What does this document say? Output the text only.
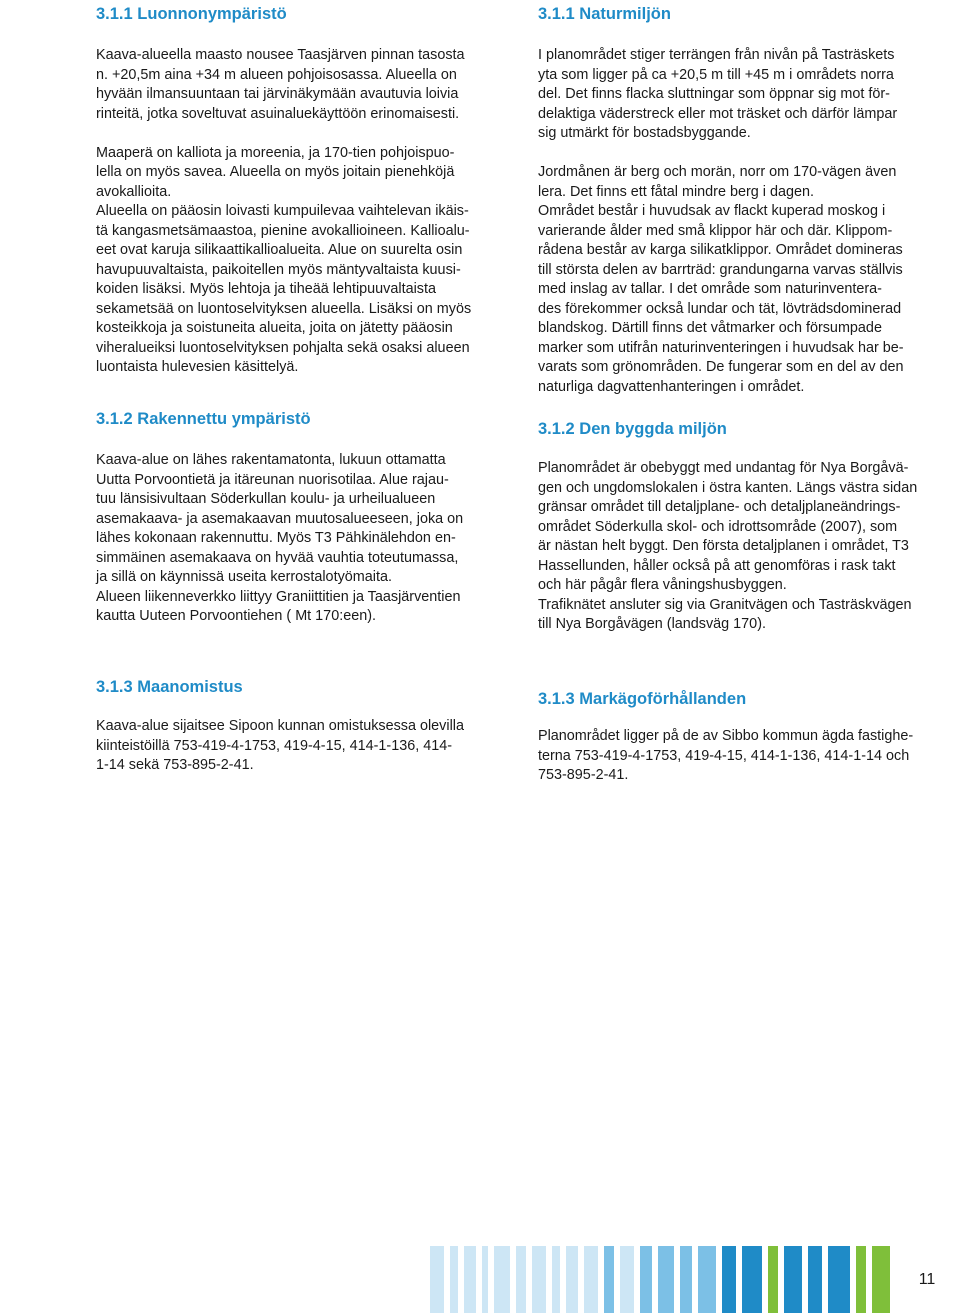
3.1.1 Luonnonympäristö

Kaava-alueella maasto nousee Taasjärven pinnan tasosta
n. +20,5m aina +34 m alueen pohjoisosassa. Alueella on
hyvään ilmansuuntaan tai järvinäkymään avautuvia loivia
rinteitä, jotka soveltuvat asuinaluekäyttöön erinomaisesti.

Maaperä on kalliota ja moreenia, ja 170-tien pohjoispuo-
lella on myös savea. Alueella on myös joitain pienehköjä
avokallioita.
Alueella on pääosin loivasti kumpuilevaa vaihtelevan ikäis-
tä kangasmetsämaastoa, pienine avokallioineen. Kallioalu-
eet ovat karuja silikaattikallioalueita. Alue on suurelta osin
havupuuvaltaista, paikoitellen myös mäntyvaltaista kuusi-
koiden lisäksi. Myös lehtoja ja tiheää lehtipuuvaltaista
sekametsää on luontoselvityksen alueella. Lisäksi on myös
kosteikkoja ja soistuneita alueita, joita on jätetty pääosin
viheralueiksi luontoselvityksen pohjalta sekä osaksi alueen
luontaista hulevesien käsittelyä.

3.1.2 Rakennettu ympäristö

Kaava-alue on lähes rakentamatonta, lukuun ottamatta
Uutta Porvoontietä ja itäreunan nuorisotilaa. Alue rajau-
tuu länsisivultaan Söderkullan koulu- ja urheilualueen
asemakaava- ja asemakaavan muutosalueeseen, joka on
lähes kokonaan rakennuttu. Myös T3 Pähkinälehdon en-
simmäinen asemakaava on hyvää vauhtia toteutumassa,
ja sillä on käynnissä useita kerrostalotyömaita.
Alueen liikenneverkko liittyy Graniittitien ja Taasjärventien
kautta Uuteen Porvoontiehen ( Mt 170:een).

3.1.3 Maanomistus

Kaava-alue sijaitsee Sipoon kunnan omistuksessa olevilla
kiinteistöillä 753-419-4-1753, 419-4-15, 414-1-136, 414-
1-14 sekä 753-895-2-41.

3.1.1 Naturmiljön

I planområdet stiger terrängen från nivån på Tasträskets
yta som ligger på ca +20,5 m till +45 m i områdets norra
del. Det finns flacka sluttningar som öppnar sig mot för-
delaktiga väderstreck eller mot träsket och därför lämpar
sig utmärkt för bostadsbyggande.

Jordmånen är berg och morän, norr om 170-vägen även
lera. Det finns ett fåtal mindre berg i dagen.
Området består i huvudsak av flackt kuperad moskog i
varierande ålder med små klippor här och där. Klippom-
rådena består av karga silikatklippor. Området domineras
till största delen av barrträd: grandungarna varvas ställvis
med inslag av tallar. I det område som naturinventera-
des förekommer också lundar och tät, lövträdsdominerad
blandskog. Därtill finns det våtmarker och försumpade
marker som utifrån naturinventeringen i huvudsak har be-
varats som grönområden. De fungerar som en del av den
naturliga dagvattenhanteringen i området.

3.1.2 Den byggda miljön

Planområdet är obebyggt med undantag för Nya Borgåvä-
gen och ungdomslokalen i östra kanten. Längs västra sidan
gränsar området till detaljplane- och detaljplaneändrings-
området Söderkulla skol- och idrottsområde (2007), som
är nästan helt byggt. Den första detaljplanen i området, T3
Hassellunden, håller också på att genomföras i rask takt
och här pågår flera våningshusbyggen.
Trafiknätet ansluter sig via Granitvägen och Tasträskvägen
till Nya Borgåvägen (landsväg 170).

3.1.3 Markägoförhållanden

Planområdet ligger på de av Sibbo kommun ägda fastighe-
terna 753-419-4-1753, 419-4-15, 414-1-136, 414-1-14 och
753-895-2-41.

11
